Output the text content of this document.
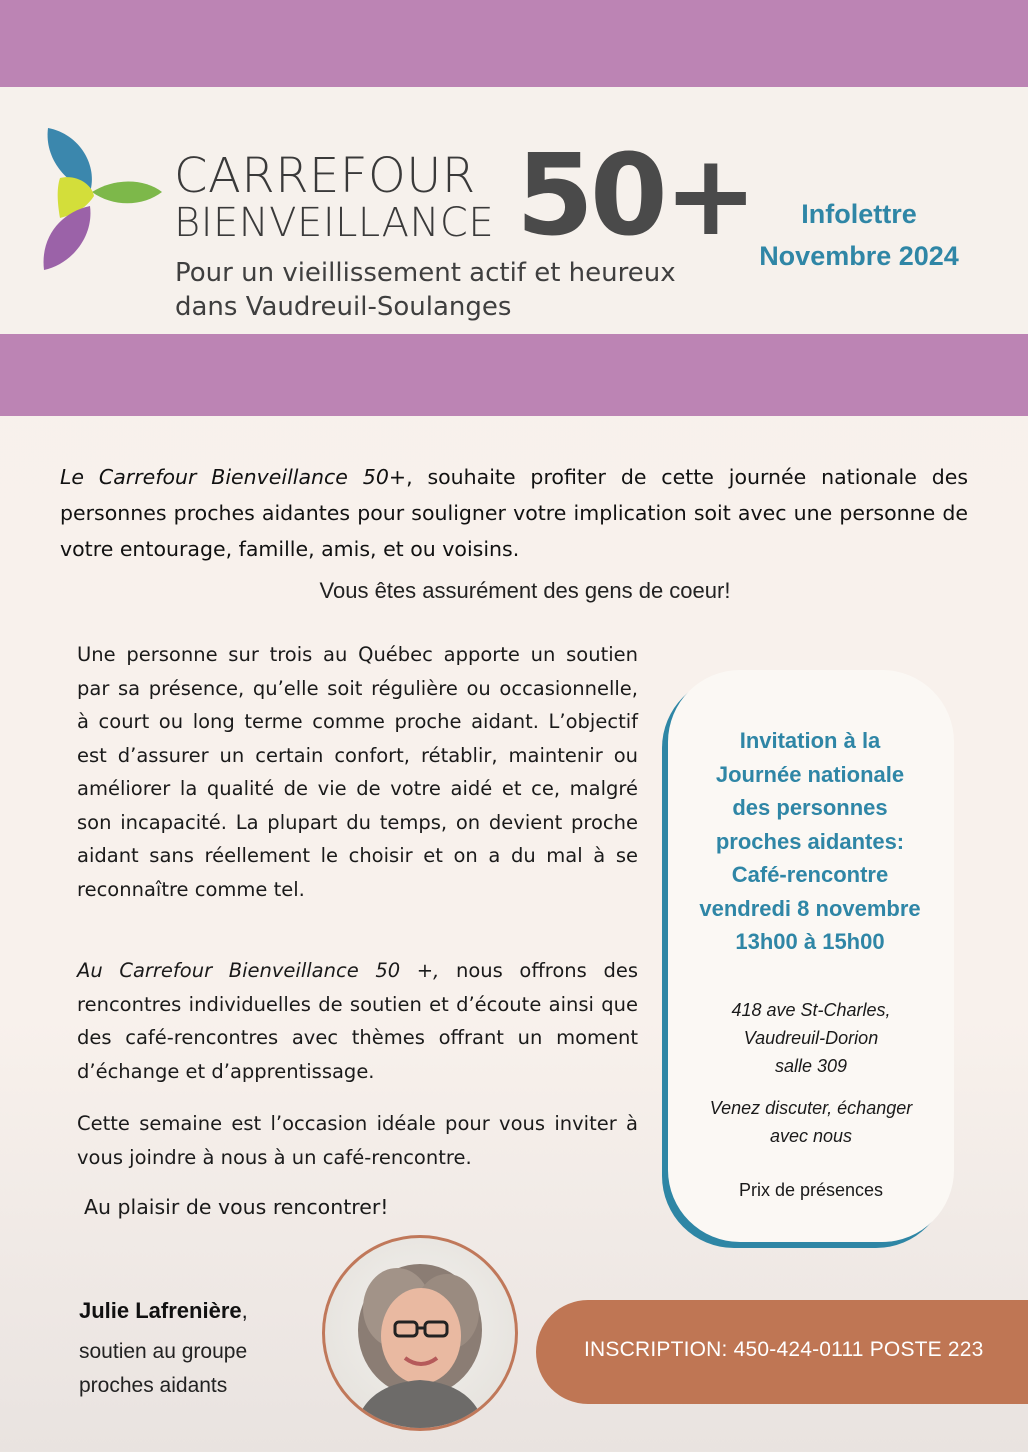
CARREFOUR
BIENVEILLANCE 50+
Pour un vieillissement actif et heureux
dans Vaudreuil-Soulanges
Infolettre
Novembre 2024
Le Carrefour Bienveillance 50+, souhaite profiter de cette journée nationale des personnes proches aidantes pour souligner votre implication soit avec une personne de votre entourage, famille, amis, et ou voisins.
Vous êtes assurément des gens de coeur!
Une personne sur trois au Québec apporte un soutien par sa présence, qu’elle soit régulière ou occasionnelle, à court ou long terme comme proche aidant. L’objectif est d’assurer un certain confort, rétablir, maintenir ou améliorer la qualité de vie de votre aidé et ce, malgré son incapacité. La plupart du temps, on devient proche aidant sans réellement le choisir et on a du mal à se reconnaître comme tel.
Au Carrefour Bienveillance 50 +, nous offrons des rencontres individuelles de soutien et d’écoute ainsi que des café-rencontres avec thèmes offrant un moment d’échange et d’apprentissage.
Cette semaine est l’occasion idéale pour vous inviter à vous joindre à nous à un café-rencontre.
Au plaisir de vous rencontrer!
Invitation à la
Journée nationale
des personnes
proches aidantes:
Café-rencontre
vendredi 8 novembre
13h00 à 15h00
418 ave St-Charles,
Vaudreuil-Dorion
salle 309
Venez discuter, échanger
avec nous
Prix de présences
Julie Lafrenière,
soutien au groupe
proches aidants
INSCRIPTION: 450-424-0111 POSTE 223
